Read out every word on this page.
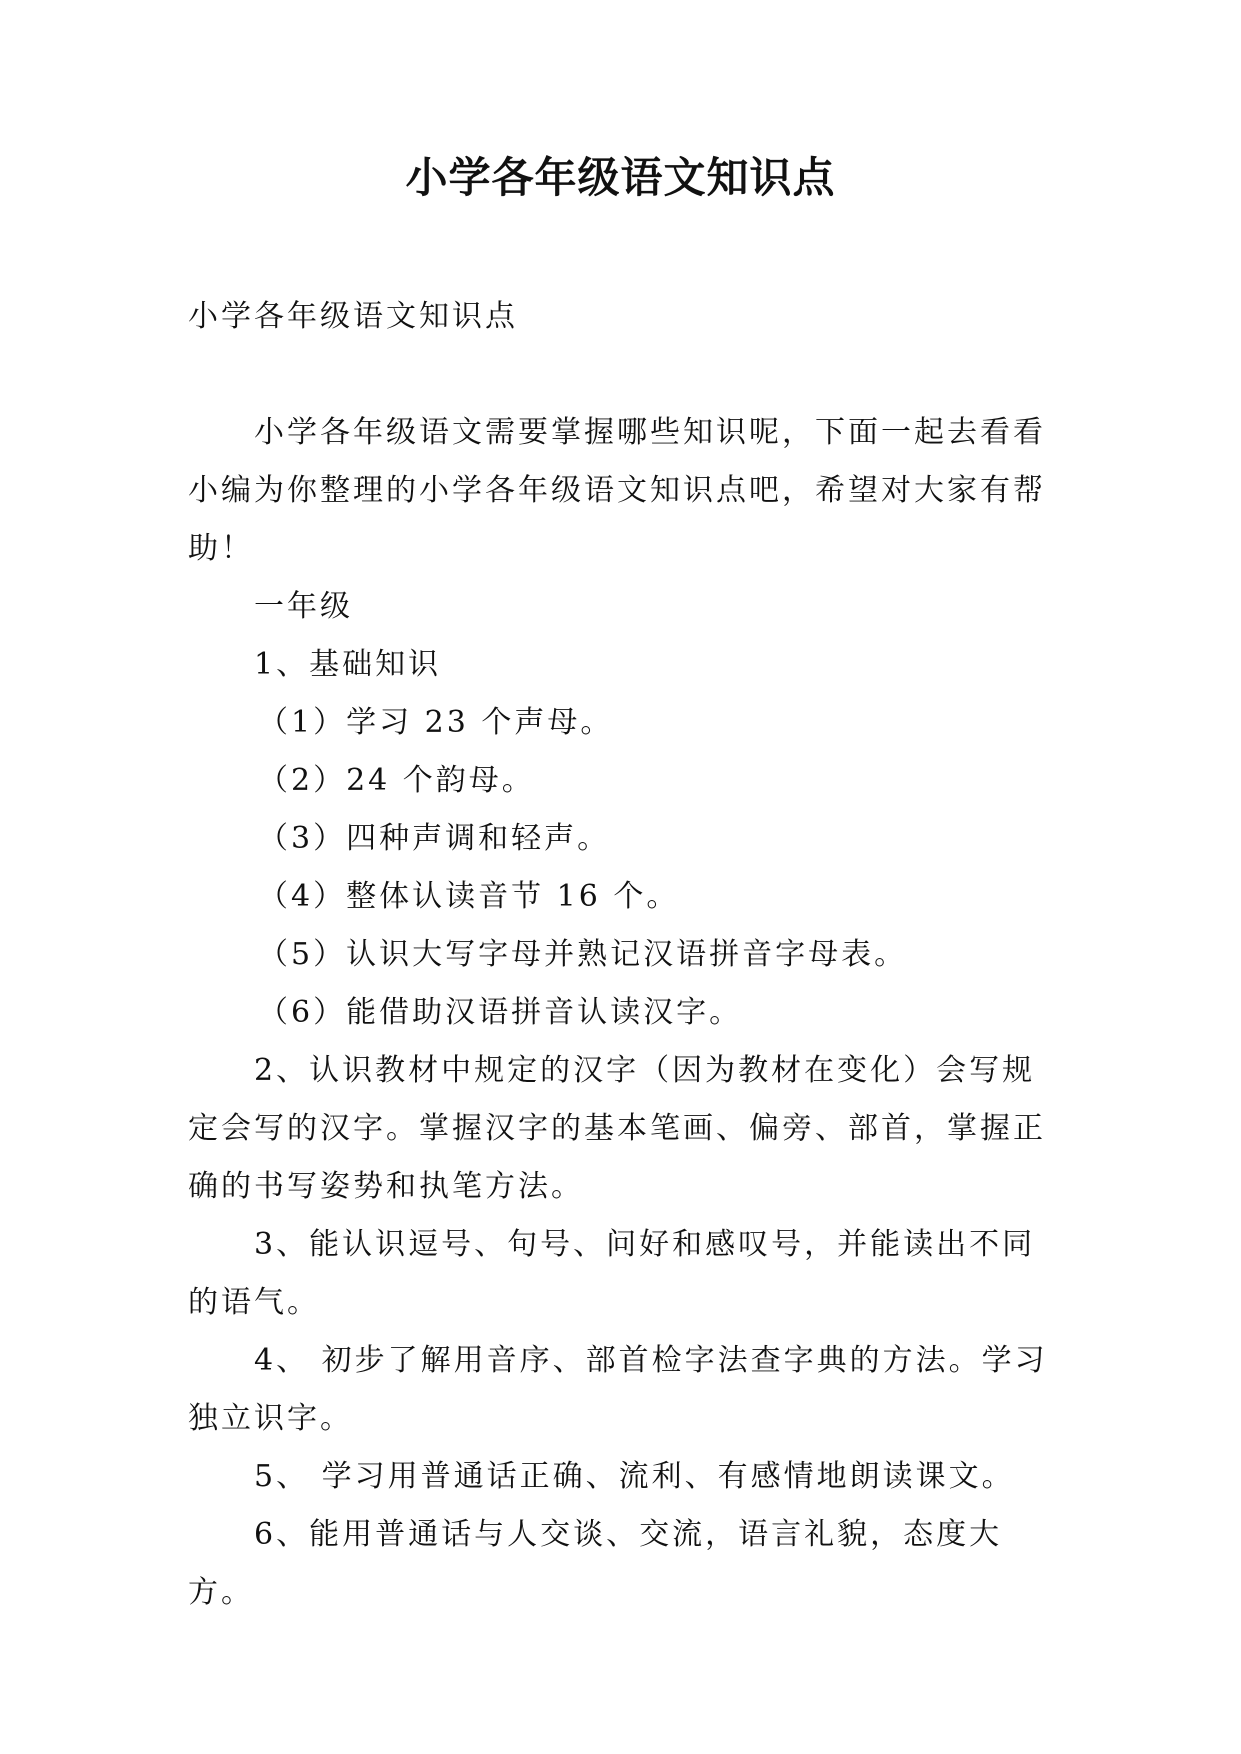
小学各年级语文知识点

小学各年级语文知识点

小学各年级语文需要掌握哪些知识呢，下面一起去看看小编为你整理的小学各年级语文知识点吧，希望对大家有帮助！

一年级

1、基础知识

（1）学习 23 个声母。

（2）24 个韵母。

（3）四种声调和轻声。

（4）整体认读音节 16 个。

（5）认识大写字母并熟记汉语拼音字母表。

（6）能借助汉语拼音认读汉字。

2、认识教材中规定的汉字（因为教材在变化）会写规定会写的汉字。掌握汉字的基本笔画、偏旁、部首，掌握正确的书写姿势和执笔方法。

3、能认识逗号、句号、问好和感叹号，并能读出不同的语气。

4、 初步了解用音序、部首检字法查字典的方法。学习独立识字。

5、 学习用普通话正确、流利、有感情地朗读课文。

6、能用普通话与人交谈、交流，语言礼貌，态度大方。
